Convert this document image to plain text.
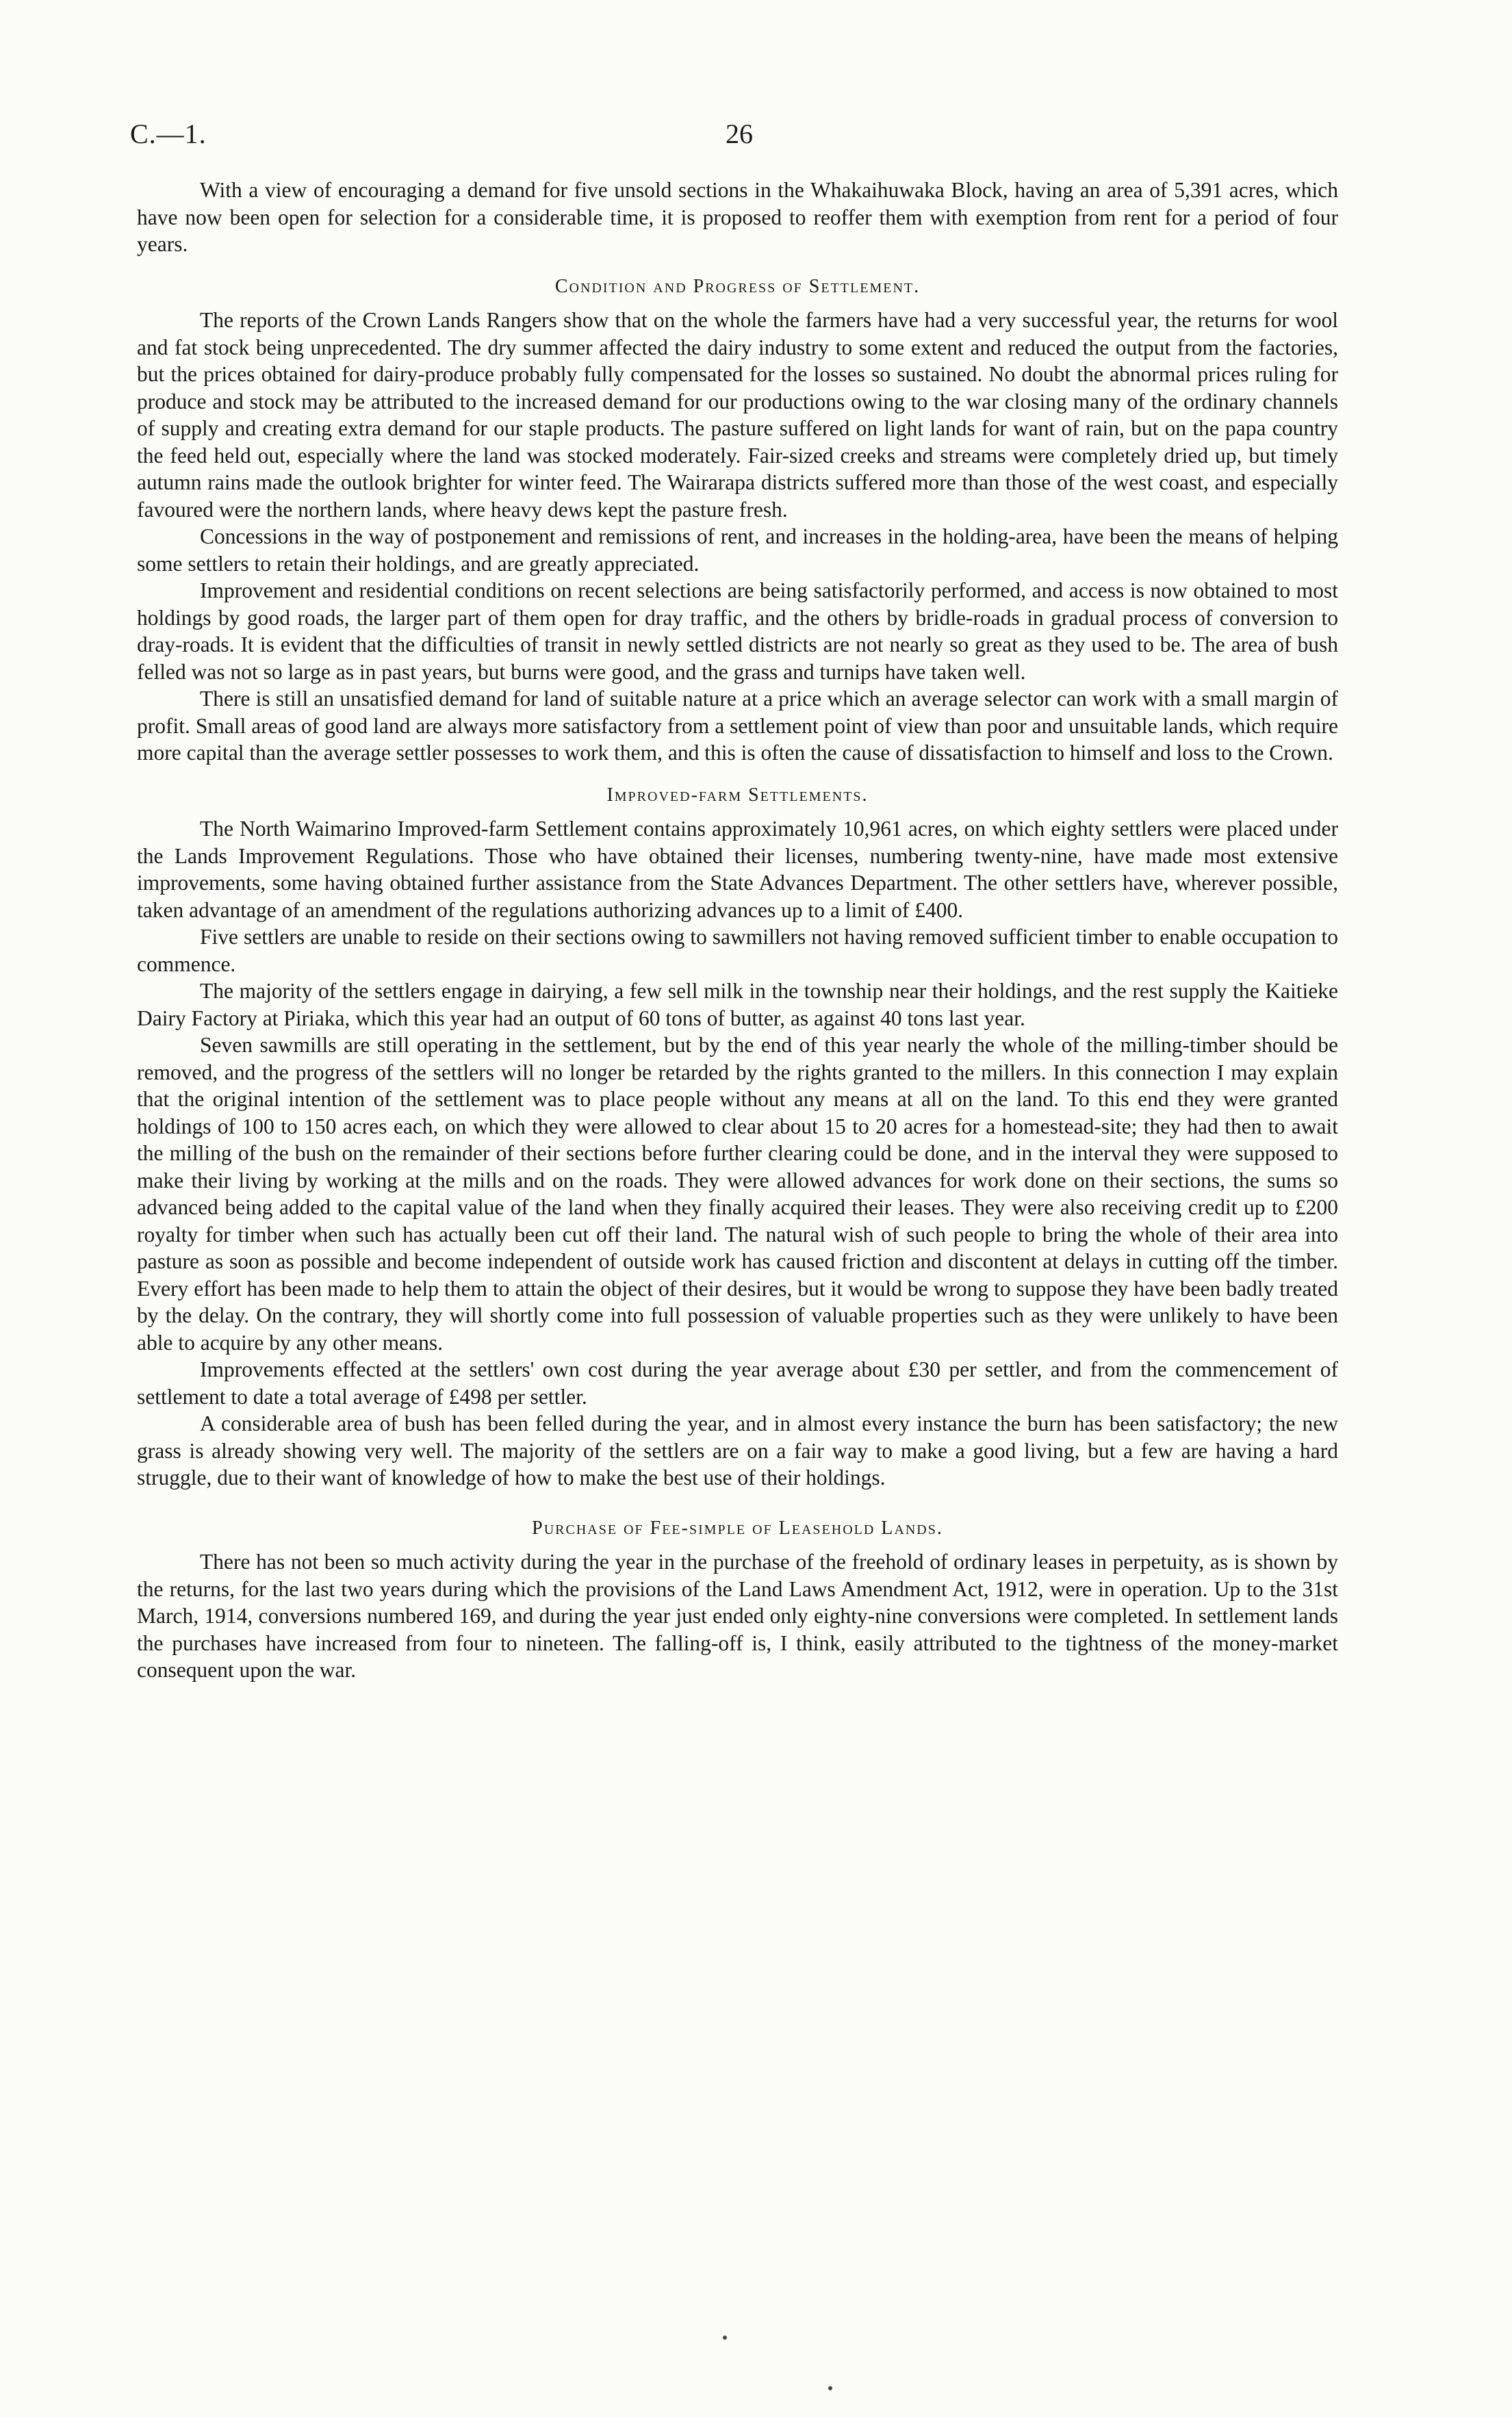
C.—1.	26

With a view of encouraging a demand for five unsold sections in the Whakaihuwaka Block, having an area of 5,391 acres, which have now been open for selection for a considerable time, it is proposed to reoffer them with exemption from rent for a period of four years.

Condition and Progress of Settlement.

The reports of the Crown Lands Rangers show that on the whole the farmers have had a very successful year, the returns for wool and fat stock being unprecedented. The dry summer affected the dairy industry to some extent and reduced the output from the factories, but the prices obtained for dairy-produce probably fully compensated for the losses so sustained. No doubt the abnormal prices ruling for produce and stock may be attributed to the increased demand for our productions owing to the war closing many of the ordinary channels of supply and creating extra demand for our staple products. The pasture suffered on light lands for want of rain, but on the papa country the feed held out, especially where the land was stocked moderately. Fair-sized creeks and streams were completely dried up, but timely autumn rains made the outlook brighter for winter feed. The Wairarapa districts suffered more than those of the west coast, and especially favoured were the northern lands, where heavy dews kept the pasture fresh.

Concessions in the way of postponement and remissions of rent, and increases in the holding-area, have been the means of helping some settlers to retain their holdings, and are greatly appreciated.

Improvement and residential conditions on recent selections are being satisfactorily performed, and access is now obtained to most holdings by good roads, the larger part of them open for dray traffic, and the others by bridle-roads in gradual process of conversion to dray-roads. It is evident that the difficulties of transit in newly settled districts are not nearly so great as they used to be. The area of bush felled was not so large as in past years, but burns were good, and the grass and turnips have taken well.

There is still an unsatisfied demand for land of suitable nature at a price which an average selector can work with a small margin of profit. Small areas of good land are always more satisfactory from a settlement point of view than poor and unsuitable lands, which require more capital than the average settler possesses to work them, and this is often the cause of dissatisfaction to himself and loss to the Crown.

Improved-farm Settlements.

The North Waimarino Improved-farm Settlement contains approximately 10,961 acres, on which eighty settlers were placed under the Lands Improvement Regulations. Those who have obtained their licenses, numbering twenty-nine, have made most extensive improvements, some having obtained further assistance from the State Advances Department. The other settlers have, wherever possible, taken advantage of an amendment of the regulations authorizing advances up to a limit of £400.

Five settlers are unable to reside on their sections owing to sawmillers not having removed sufficient timber to enable occupation to commence.

The majority of the settlers engage in dairying, a few sell milk in the township near their holdings, and the rest supply the Kaitieke Dairy Factory at Piriaka, which this year had an output of 60 tons of butter, as against 40 tons last year.

Seven sawmills are still operating in the settlement, but by the end of this year nearly the whole of the milling-timber should be removed, and the progress of the settlers will no longer be retarded by the rights granted to the millers. In this connection I may explain that the original intention of the settlement was to place people without any means at all on the land. To this end they were granted holdings of 100 to 150 acres each, on which they were allowed to clear about 15 to 20 acres for a homestead-site; they had then to await the milling of the bush on the remainder of their sections before further clearing could be done, and in the interval they were supposed to make their living by working at the mills and on the roads. They were allowed advances for work done on their sections, the sums so advanced being added to the capital value of the land when they finally acquired their leases. They were also receiving credit up to £200 royalty for timber when such has actually been cut off their land. The natural wish of such people to bring the whole of their area into pasture as soon as possible and become independent of outside work has caused friction and discontent at delays in cutting off the timber. Every effort has been made to help them to attain the object of their desires, but it would be wrong to suppose they have been badly treated by the delay. On the contrary, they will shortly come into full possession of valuable properties such as they were unlikely to have been able to acquire by any other means.

Improvements effected at the settlers' own cost during the year average about £30 per settler, and from the commencement of settlement to date a total average of £498 per settler.

A considerable area of bush has been felled during the year, and in almost every instance the burn has been satisfactory; the new grass is already showing very well. The majority of the settlers are on a fair way to make a good living, but a few are having a hard struggle, due to their want of knowledge of how to make the best use of their holdings.

Purchase of Fee-simple of Leasehold Lands.

There has not been so much activity during the year in the purchase of the freehold of ordinary leases in perpetuity, as is shown by the returns, for the last two years during which the provisions of the Land Laws Amendment Act, 1912, were in operation. Up to the 31st March, 1914, conversions numbered 169, and during the year just ended only eighty-nine conversions were completed. In settlement lands the purchases have increased from four to nineteen. The falling-off is, I think, easily attributed to the tightness of the money-market consequent upon the war.
